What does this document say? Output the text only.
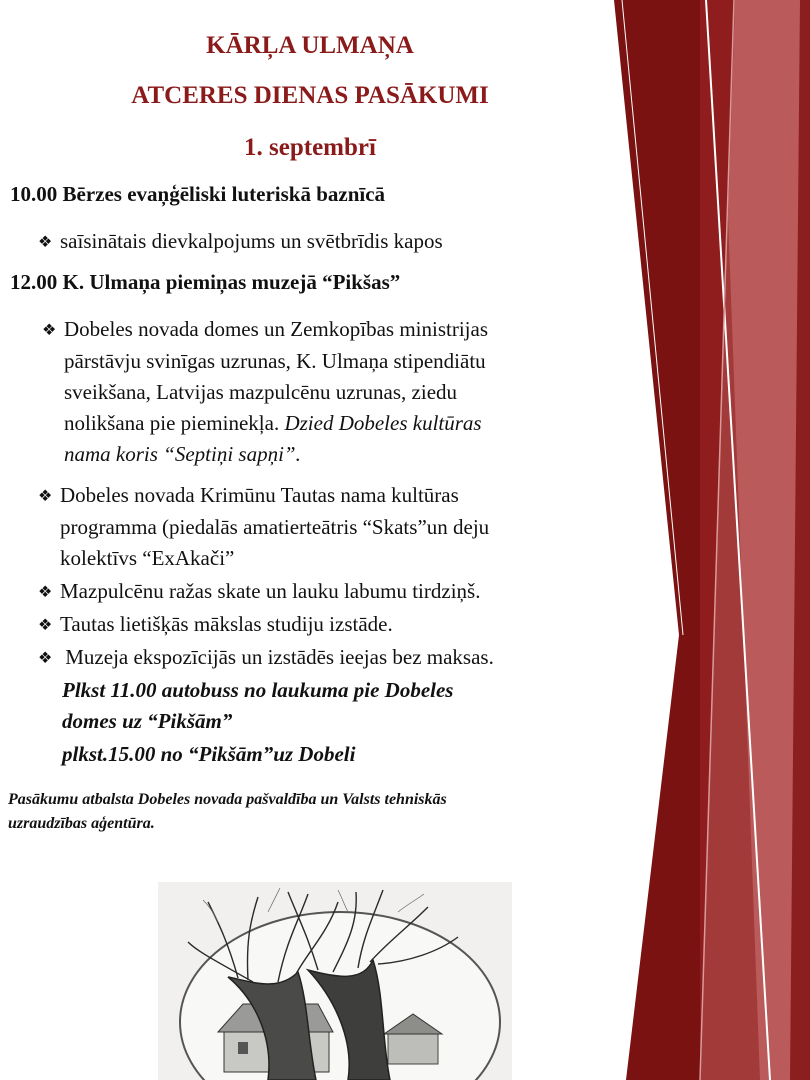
KĀRĻA ULMAŅA

ATCERES DIENAS PASĀKUMI

1. septembrī

10.00 Bērzes evaņģēliski luteriskā baznīcā

❖ saīsinātais dievkalpojums un svētbrīdis kapos

12.00 K. Ulmaņa piemiņas muzejā “Pikšas”

❖ Dobeles novada domes un Zemkopības ministrijas
pārstāvju svinīgas uzrunas, K. Ulmaņa stipendiātu
sveikšana, Latvijas mazpulcēnu uzrunas, ziedu
nolikšana pie pieminekļa. Dzied Dobeles kultūras
nama koris “Septiņi sapņi”.
❖ Dobeles novada Krimūnu Tautas nama kultūras
programma (piedalās amatierteātris “Skats”un deju
kolektīvs “ExAkači”

❖ Mazpulcēnu ražas skate un lauku labumu tirdziņš.

❖ Tautas lietišķās mākslas studiju izstāde.

❖ Muzeja ekspozīcijās un izstādēs ieejas bez maksas.

Plkst 11.00 autobuss no laukuma pie Dobeles

domes uz “Pikšām”

plkst.15.00 no “Pikšām”uz Dobeli

Pasākumu atbalsta Dobeles novada pašvaldība un Valsts tehniskās
uzraudzības aģentūra.
